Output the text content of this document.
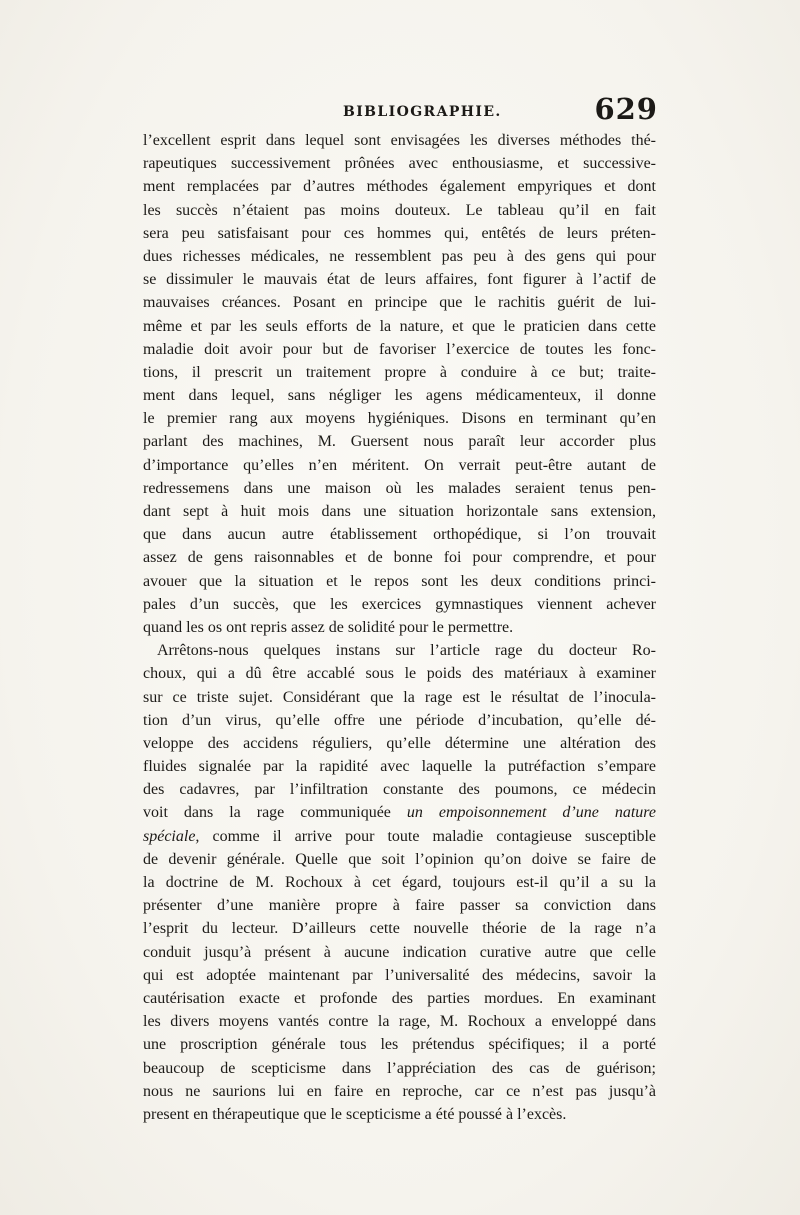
BIBLIOGRAPHIE.	629
l’excellent esprit dans lequel sont envisagées les diverses méthodes thé-
rapeutiques successivement prônées avec enthousiasme, et successive-
ment remplacées par d’autres méthodes également empyriques et dont
les succès n’étaient pas moins douteux. Le tableau qu’il en fait
sera peu satisfaisant pour ces hommes qui, entêtés de leurs préten-
dues richesses médicales, ne ressemblent pas peu à des gens qui pour
se dissimuler le mauvais état de leurs affaires, font figurer à l’actif de
mauvaises créances. Posant en principe que le rachitis guérit de lui-
même et par les seuls efforts de la nature, et que le praticien dans cette
maladie doit avoir pour but de favoriser l’exercice de toutes les fonc-
tions, il prescrit un traitement propre à conduire à ce but; traite-
ment dans lequel, sans négliger les agens médicamenteux, il donne
le premier rang aux moyens hygiéniques. Disons en terminant qu’en
parlant des machines, M. Guersent nous paraît leur accorder plus
d’importance qu’elles n’en méritent. On verrait peut-être autant de
redressemens dans une maison où les malades seraient tenus pen-
dant sept à huit mois dans une situation horizontale sans extension,
que dans aucun autre établissement orthopédique, si l’on trouvait
assez de gens raisonnables et de bonne foi pour comprendre, et pour
avouer que la situation et le repos sont les deux conditions princi-
pales d’un succès, que les exercices gymnastiques viennent achever
quand les os ont repris assez de solidité pour le permettre.
Arrêtons-nous quelques instans sur l’article rage du docteur Ro-
choux, qui a dû être accablé sous le poids des matériaux à examiner
sur ce triste sujet. Considérant que la rage est le résultat de l’inocula-
tion d’un virus, qu’elle offre une période d’incubation, qu’elle dé-
veloppe des accidens réguliers, qu’elle détermine une altération des
fluides signalée par la rapidité avec laquelle la putréfaction s’empare
des cadavres, par l’infiltration constante des poumons, ce médecin
voit dans la rage communiquée un empoisonnement d’une nature
spéciale, comme il arrive pour toute maladie contagieuse susceptible
de devenir générale. Quelle que soit l’opinion qu’on doive se faire de
la doctrine de M. Rochoux à cet égard, toujours est-il qu’il a su la
présenter d’une manière propre à faire passer sa conviction dans
l’esprit du lecteur. D’ailleurs cette nouvelle théorie de la rage n’a
conduit jusqu’à présent à aucune indication curative autre que celle
qui est adoptée maintenant par l’universalité des médecins, savoir la
cautérisation exacte et profonde des parties mordues. En examinant
les divers moyens vantés contre la rage, M. Rochoux a enveloppé dans
une proscription générale tous les prétendus spécifiques; il a porté
beaucoup de scepticisme dans l’appréciation des cas de guérison;
nous ne saurions lui en faire en reproche, car ce n’est pas jusqu’à
present en thérapeutique que le scepticisme a été poussé à l’excès.
